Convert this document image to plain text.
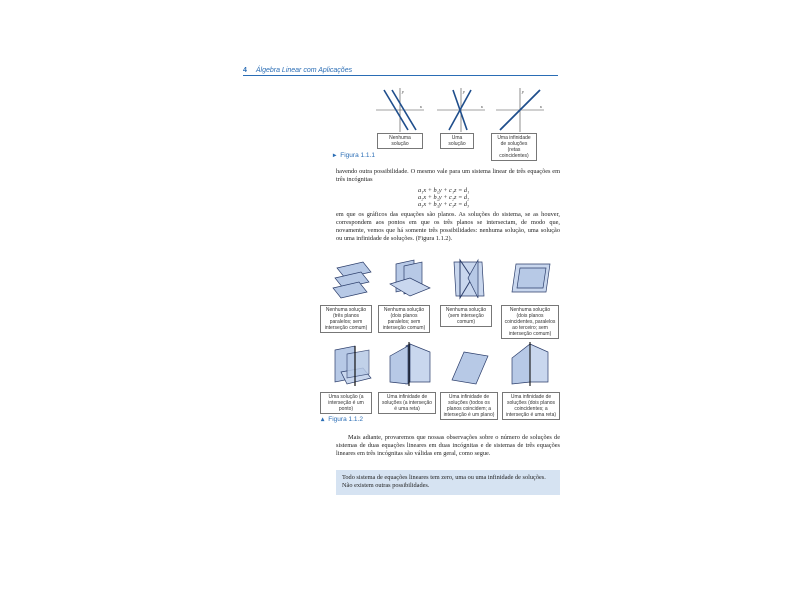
4 Álgebra Linear com Aplicações
y
x
y
x
y
x
Nenhuma solução
Uma solução
Uma infinidade de soluções (retas coincidentes)
▸ Figura 1.1.1
havendo outra possibilidade. O mesmo vale para um sistema linear de três equações em três incógnitas
a₁x + b₁y + c₁z = d₁
a₂x + b₂y + c₂z = d₂
a₃x + b₃y + c₃z = d₃
em que os gráficos das equações são planos. As soluções do sistema, se as houver, correspondem aos pontos em que os três planos se intersectam, de modo que, novamente, vemos que há somente três possibilidades: nenhuma solução, uma solução ou uma infinidade de soluções. (Figura 1.1.2).
Nenhuma solução (três planos paralelos; sem interseção comum)
Nenhuma solução (dois planos paralelos; sem interseção comum)
Nenhuma solução (sem interseção comum)
Nenhuma solução (dois planos coincidentes, paralelos ao terceiro; sem interseção comum)
Uma solução (a interseção é um ponto)
Uma infinidade de soluções (a interseção é uma reta)
Uma infinidade de soluções (todos os planos coincidem; a interseção é um plano)
Uma infinidade de soluções (dois planos coincidentes; a interseção é uma reta)
▴ Figura 1.1.2
Mais adiante, provaremos que nossas observações sobre o número de soluções de sistemas de duas equações lineares em duas incógnitas e de sistemas de três equações lineares em três incógnitas são válidas em geral, como segue.
Todo sistema de equações lineares tem zero, uma ou uma infinidade de soluções. Não existem outras possibilidades.
